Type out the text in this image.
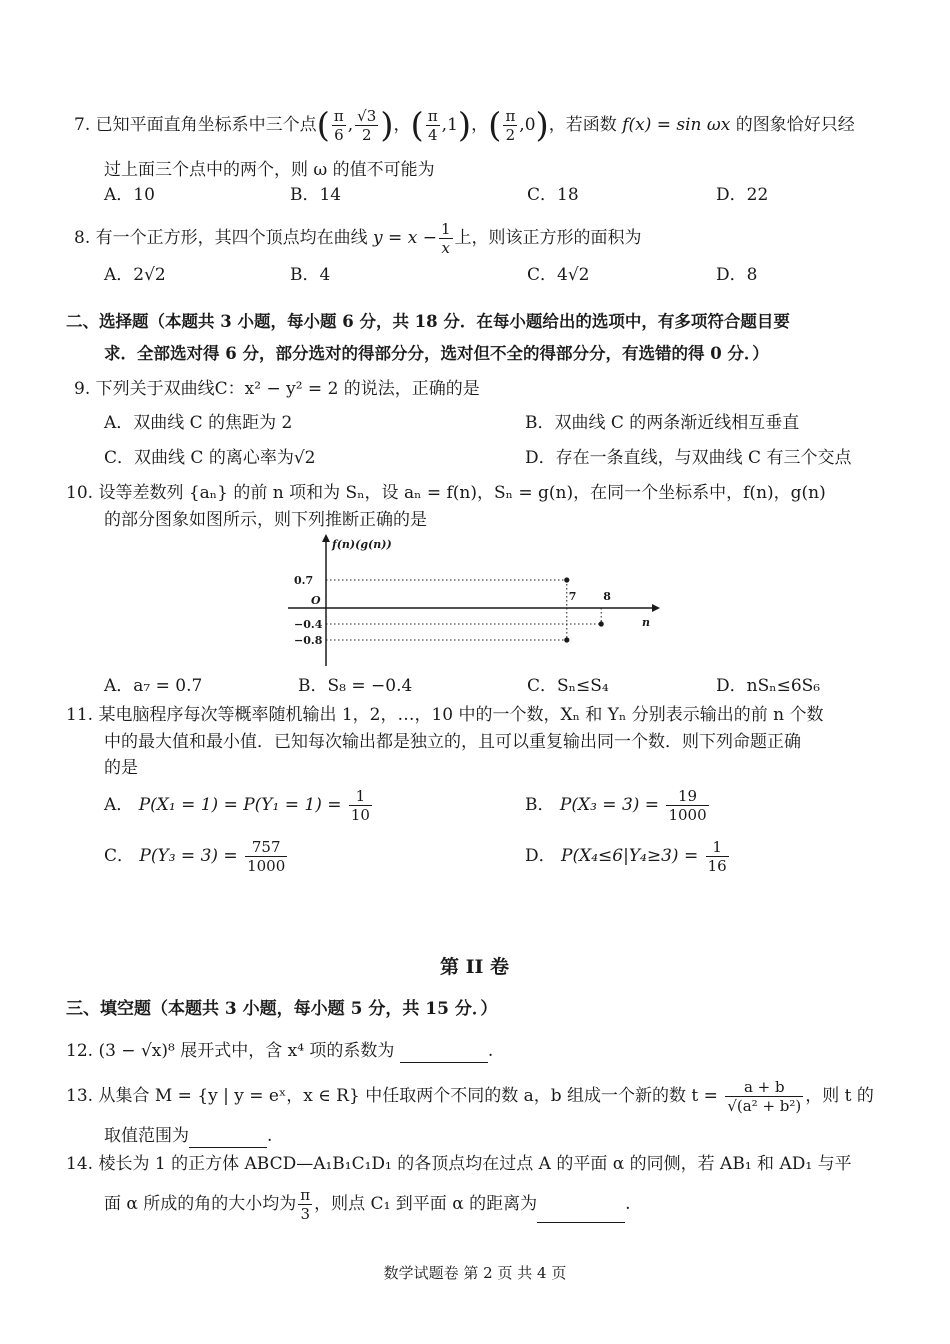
7. 已知平面直角坐标系中三个点( $\frac{\pi}{6}$ , $\frac{√3}{2}$ )，( $\frac{\pi}{4} ,1$)，( $\frac{\pi}{2} ,0$)，若函数 f(x) = sin ωx 的图象恰好只经
过上面三个点中的两个，则 ω 的值不可能为
A．10	B．14	C．18	D．22
8. 有一个正方形，其四个顶点均在曲线 $y = x - \frac{1}{x}$ 上，则该正方形的面积为
A．2√2	B．4	C．4√2	D．8
二、选择题（本题共 3 小题，每小题 6 分，共 18 分．在每小题给出的选项中，有多项符合题目要
求．全部选对得 6 分，部分选对的得部分分，选对但不全的得部分分，有选错的得 0 分．）
9. 下列关于双曲线C：x² − y² = 2 的说法，正确的是
A．双曲线 C 的焦距为 2	B．双曲线 C 的两条渐近线相互垂直
C．双曲线 C 的离心率为√2	D．存在一条直线，与双曲线 C 有三个交点
10. 设等差数列 {aₙ} 的前 n 项和为 Sₙ，设 aₙ = f(n)，Sₙ = g(n)，在同一个坐标系中，f(n)，g(n)
的部分图象如图所示，则下列推断正确的是
f(n)(g(n))
n
O
0.7
−0.4
−0.8
7 8
A．a₇ = 0.7	B．S₈ = −0.4	C．Sₙ≤S₄	D．nSₙ≤6S₆
11. 某电脑程序每次等概率随机输出 1，2，…，10 中的一个数，Xₙ 和 Yₙ 分别表示输出的前 n 个数
中的最大值和最小值．已知每次输出都是独立的，且可以重复输出同一个数．则下列命题正确
的是
A． $P(X_1 = 1) = P(Y_1 = 1) = \frac{1}{10}$	B． $P(X_3 = 3) = \frac{19}{1000}$
C． $P(Y_3 = 3) = \frac{757}{1000}$	D． $P(X_4\le 6|Y_4\ge 3) = \frac{1}{16}$
第 II 卷
三、填空题（本题共 3 小题，每小题 5 分，共 15 分．）
12. (3 − √x)⁸ 展开式中，含 x⁴ 项的系数为	.
13. 从集合 M = {y | y = eˣ，x ∈ R} 中任取两个不同的数 a，b 组成一个新的数 $t = \frac{a + b}{\text{√(a² + b²)}}$ ，则 t 的
取值范围为	.
14. 棱长为 1 的正方体 ABCD—A₁B₁C₁D₁ 的各顶点均在过点 A 的平面 α 的同侧，若 AB₁ 和 AD₁ 与平
面 α 所成的角的大小均为 $\frac{\pi}{3}$ ，则点 C₁ 到平面 α 的距离为	.
数学试题卷 第 2 页 共 4 页
